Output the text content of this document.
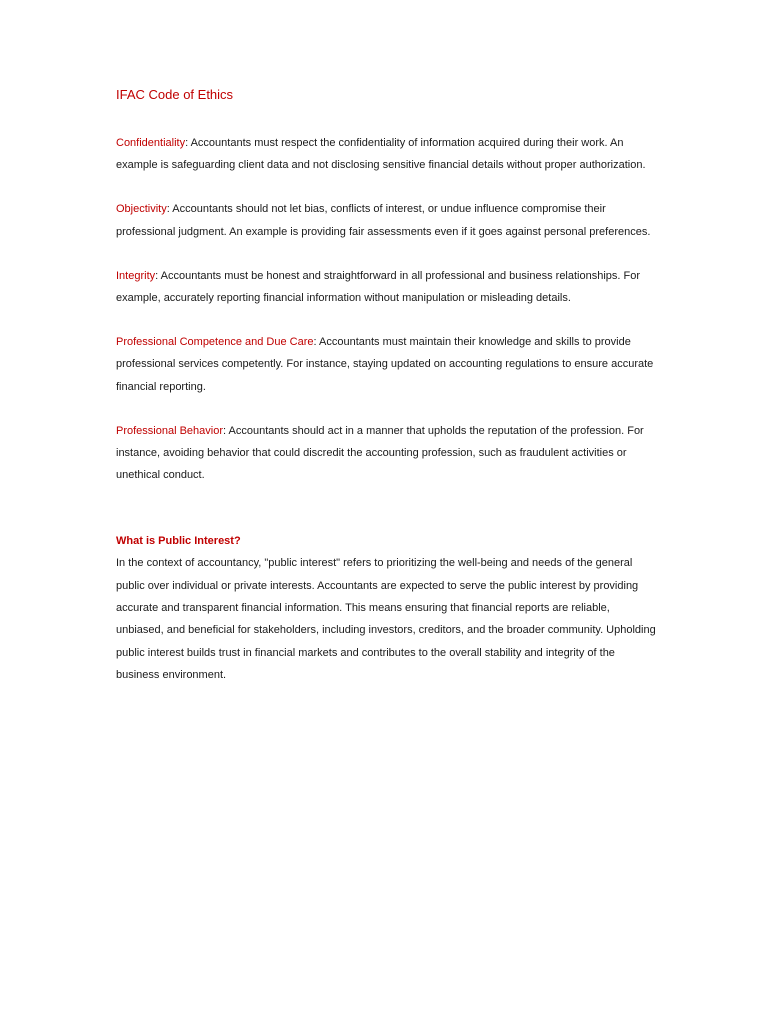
IFAC Code of Ethics

Confidentiality: Accountants must respect the confidentiality of information acquired during their work. An example is safeguarding client data and not disclosing sensitive financial details without proper authorization.

Objectivity: Accountants should not let bias, conflicts of interest, or undue influence compromise their professional judgment. An example is providing fair assessments even if it goes against personal preferences.

Integrity: Accountants must be honest and straightforward in all professional and business relationships. For example, accurately reporting financial information without manipulation or misleading details.

Professional Competence and Due Care: Accountants must maintain their knowledge and skills to provide professional services competently. For instance, staying updated on accounting regulations to ensure accurate financial reporting.

Professional Behavior: Accountants should act in a manner that upholds the reputation of the profession. For instance, avoiding behavior that could discredit the accounting profession, such as fraudulent activities or unethical conduct.

What is Public Interest?

In the context of accountancy, "public interest" refers to prioritizing the well-being and needs of the general public over individual or private interests. Accountants are expected to serve the public interest by providing accurate and transparent financial information. This means ensuring that financial reports are reliable, unbiased, and beneficial for stakeholders, including investors, creditors, and the broader community. Upholding public interest builds trust in financial markets and contributes to the overall stability and integrity of the business environment.
